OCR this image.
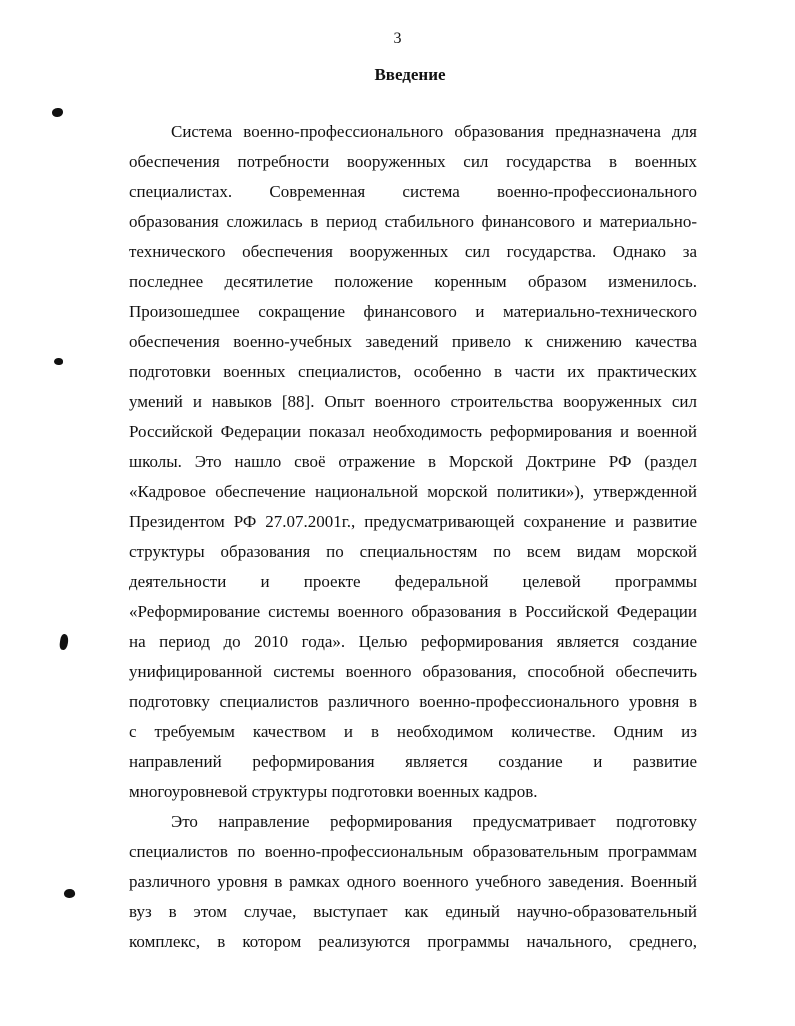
3
Введение
Система военно-профессионального образования предназначена для
обеспечения потребности вооруженных сил государства в военных
специалистах. Современная система военно-профессионального
образования сложилась в период стабильного финансового и материально-
технического обеспечения вооруженных сил государства. Однако за
последнее десятилетие положение коренным образом изменилось.
Произошедшее сокращение финансового и материально-технического
обеспечения военно-учебных заведений привело к снижению качества
подготовки военных специалистов, особенно в части их практических
умений и навыков [88]. Опыт военного строительства вооруженных сил
Российской Федерации показал необходимость реформирования и военной
школы. Это нашло своё отражение в Морской Доктрине РФ (раздел
«Кадровое обеспечение национальной морской политики»), утвержденной
Президентом РФ 27.07.2001г., предусматривающей сохранение и развитие
структуры образования по специальностям по всем видам морской
деятельности и проекте федеральной целевой программы
«Реформирование системы военного образования в Российской Федерации
на период до 2010 года». Целью реформирования является создание
унифицированной системы военного образования, способной обеспечить
подготовку специалистов различного военно-профессионального уровня в
с требуемым качеством и в необходимом количестве. Одним из
направлений реформирования является создание и развитие
многоуровневой структуры подготовки военных кадров.
Это направление реформирования предусматривает подготовку
специалистов по военно-профессиональным образовательным программам
различного уровня в рамках одного военного учебного заведения. Военный
вуз в этом случае, выступает как единый научно-образовательный
комплекс, в котором реализуются программы начального, среднего,
